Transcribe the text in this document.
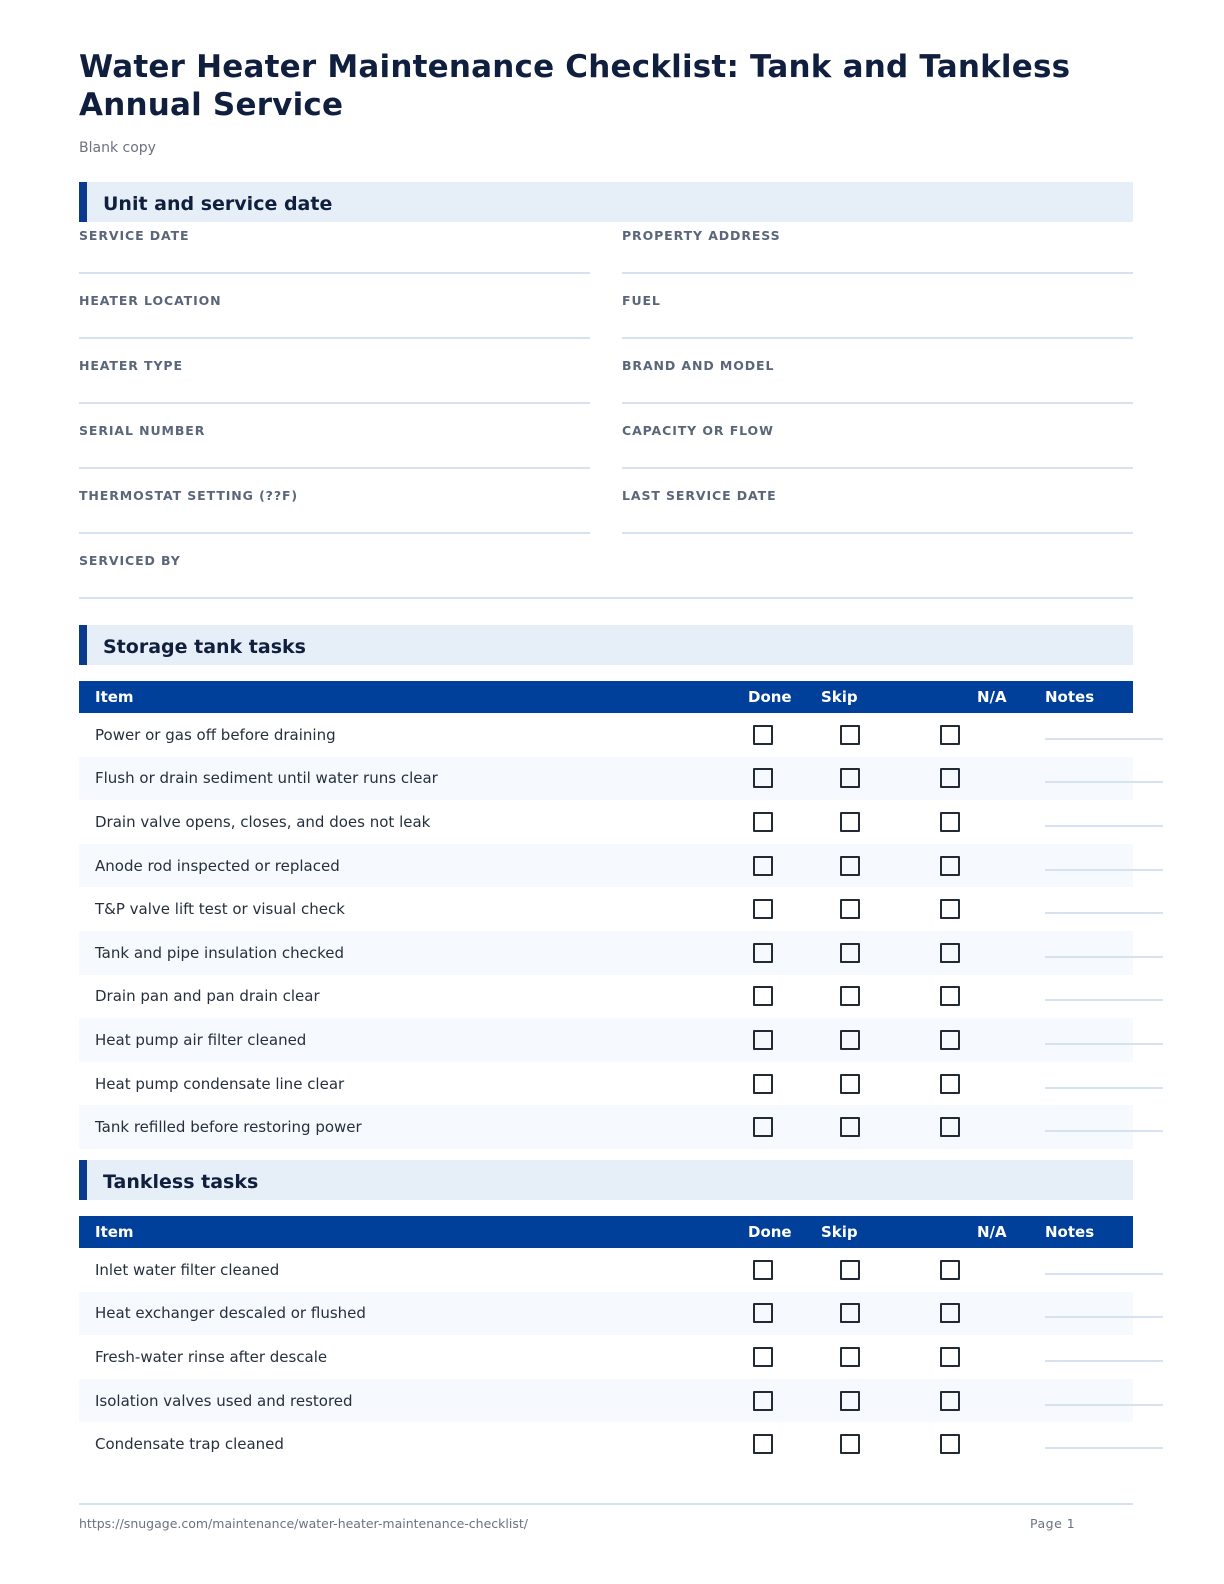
Water Heater Maintenance Checklist: Tank and Tankless Annual Service
Blank copy
Unit and service date
SERVICE DATE	PROPERTY ADDRESS
HEATER LOCATION	FUEL
HEATER TYPE	BRAND AND MODEL
SERIAL NUMBER	CAPACITY OR FLOW
THERMOSTAT SETTING (??F)	LAST SERVICE DATE
SERVICED BY
Storage tank tasks
Item	Done	Skip	N/A	Notes
Power or gas off before draining				

Flush or drain sediment until water runs clear				

Drain valve opens, closes, and does not leak				

Anode rod inspected or replaced				

T&P valve lift test or visual check				

Tank and pipe insulation checked				

Drain pan and pan drain clear				

Heat pump air filter cleaned				

Heat pump condensate line clear				

Tank refilled before restoring power				
Tankless tasks
Item	Done	Skip	N/A	Notes
Inlet water filter cleaned				

Heat exchanger descaled or flushed				

Fresh-water rinse after descale				

Isolation valves used and restored				

Condensate trap cleaned				
https://snugage.com/maintenance/water-heater-maintenance-checklist/	Page 1
